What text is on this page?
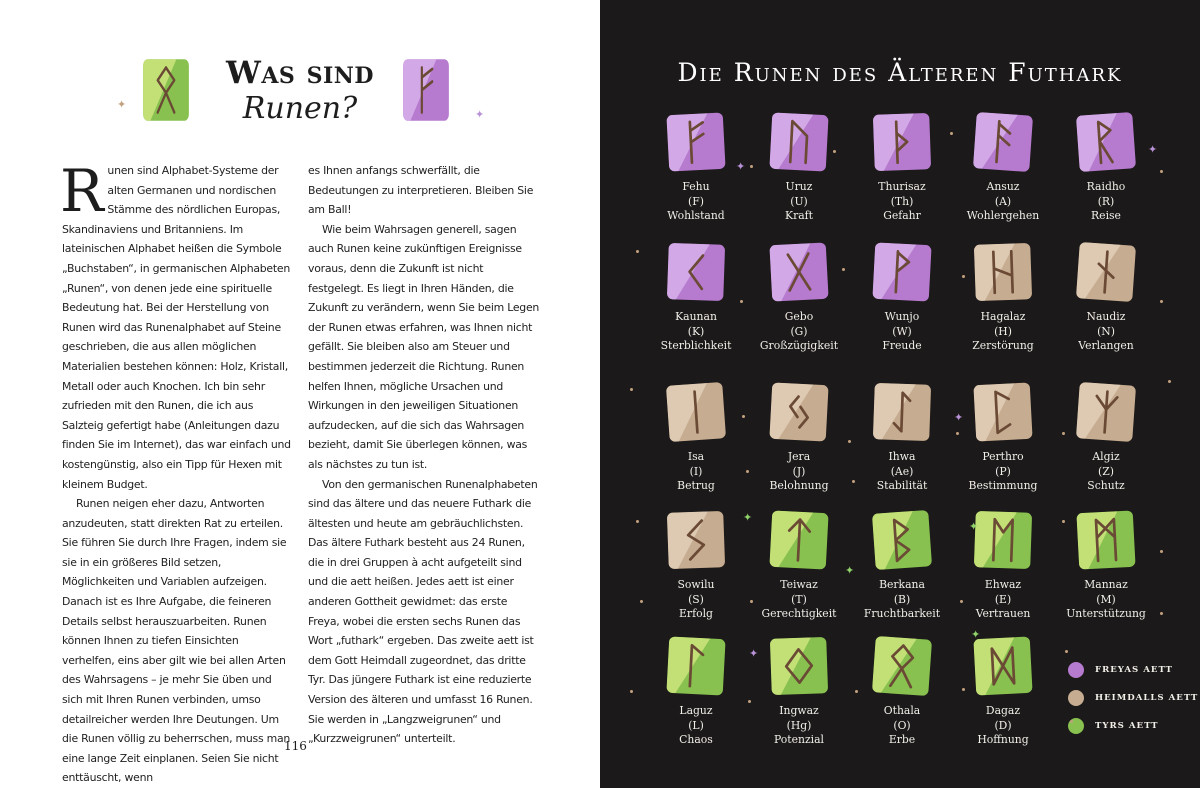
Was sind
Runen?
✦
✦
R unen sind Alphabet-Systeme der alten Germanen und nordischen Stämme des nördlichen Europas, Skandinaviens und Britanniens. Im lateinischen Alphabet heißen die Symbole „Buchstaben“, in germanischen Alphabeten „Runen“, von denen jede eine spirituelle Bedeutung hat. Bei der Herstellung von Runen wird das Runenalphabet auf Steine geschrieben, die aus allen möglichen Materialien bestehen können: Holz, Kristall, Metall oder auch Knochen. Ich bin sehr zufrieden mit den Runen, die ich aus Salzteig gefertigt habe (Anleitungen dazu finden Sie im Internet), das war einfach und kostengünstig, also ein Tipp für Hexen mit kleinem Budget.

Runen neigen eher dazu, Antworten anzudeuten, statt direkten Rat zu erteilen. Sie führen Sie durch Ihre Fragen, indem sie sie in ein größeres Bild setzen, Möglichkeiten und Variablen aufzeigen. Danach ist es Ihre Aufgabe, die feineren Details selbst herauszuarbeiten. Runen können Ihnen zu tiefen Einsichten verhelfen, eins aber gilt wie bei allen Arten des Wahrsagens – je mehr Sie üben und sich mit Ihren Runen verbinden, umso detailreicher werden Ihre Deutungen. Um die Runen völlig zu beherrschen, muss man eine lange Zeit einplanen. Seien Sie nicht enttäuscht, wenn

es Ihnen anfangs schwerfällt, die Bedeutungen zu interpretieren. Bleiben Sie am Ball!

Wie beim Wahrsagen generell, sagen auch Runen keine zukünftigen Ereignisse voraus, denn die Zukunft ist nicht festgelegt. Es liegt in Ihren Händen, die Zukunft zu verändern, wenn Sie beim Legen der Runen etwas erfahren, was Ihnen nicht gefällt. Sie bleiben also am Steuer und bestimmen jederzeit die Richtung. Runen helfen Ihnen, mögliche Ursachen und Wirkungen in den jeweiligen Situationen aufzudecken, auf die sich das Wahrsagen bezieht, damit Sie überlegen können, was als nächstes zu tun ist.

Von den germanischen Runenalphabeten sind das ältere und das neuere Futhark die ältesten und heute am gebräuchlichsten. Das ältere Futhark besteht aus 24 Runen, die in drei Gruppen à acht aufgeteilt sind und die aett heißen. Jedes aett ist einer anderen Gottheit gewidmet: das erste Freya, wobei die ersten sechs Runen das Wort „futhark“ ergeben. Das zweite aett ist dem Gott Heimdall zugeordnet, das dritte Tyr. Das jüngere Futhark ist eine reduzierte Version des älteren und umfasst 16 Runen. Sie werden in „Langzweigrunen“ und „Kurzzweigrunen“ unterteilt.

116
Die Runen des Älteren Futhark
Fehu
(F)
Wohlstand
Uruz
(U)
Kraft
Thurisaz
(Th)
Gefahr
Ansuz
(A)
Wohlergehen
Raidho
(R)
Reise
Kaunan
(K)
Sterblichkeit
Gebo
(G)
Großzügigkeit
Wunjo
(W)
Freude
Hagalaz
(H)
Zerstörung
Naudiz
(N)
Verlangen
Isa
(I)
Betrug
Jera
(J)
Belohnung
Ihwa
(Ae)
Stabilität
Perthro
(P)
Bestimmung
Algiz
(Z)
Schutz
Sowilu
(S)
Erfolg
Teiwaz
(T)
Gerechtigkeit
Berkana
(B)
Fruchtbarkeit
Ehwaz
(E)
Vertrauen
Mannaz
(M)
Unterstützung
Laguz
(L)
Chaos
Ingwaz
(Hg)
Potenzial
Othala
(O)
Erbe
Dagaz
(D)
Hoffnung
FREYAS AETT
HEIMDALLS AETT
TYRS AETT
✦
✦
✦
✦
✦
✦
✦
✦
